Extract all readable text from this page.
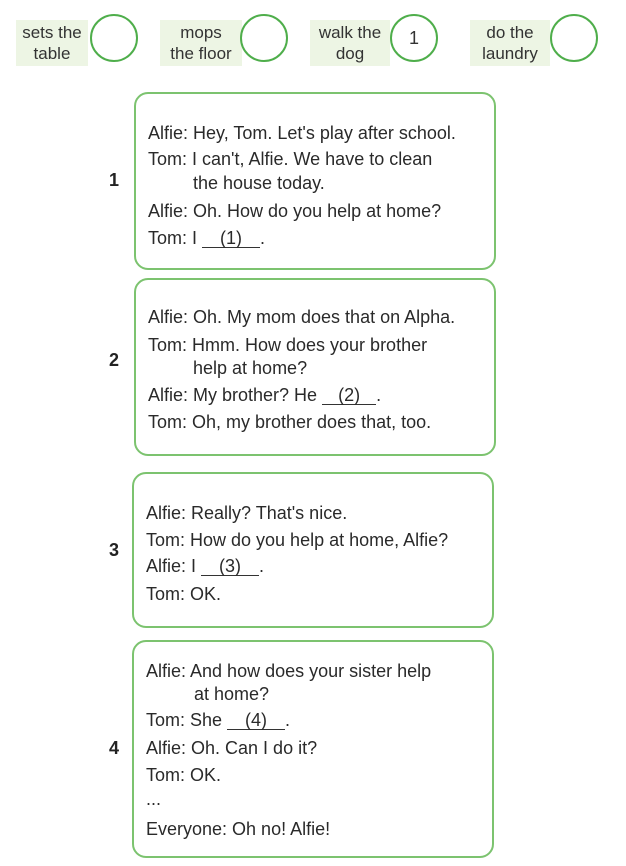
sets the
table
mops
the floor
walk the
dog
1	do the
laundry
1
Alfie: Hey, Tom. Let's play after school.
Tom: I can't, Alfie. We have to clean
the house today.
Alfie: Oh. How do you help at home?
Tom: I (1) .
2
Alfie: Oh. My mom does that on Alpha.
Tom: Hmm. How does your brother
help at home?
Alfie: My brother? He (2) .
Tom: Oh, my brother does that, too.
3
Alfie: Really? That's nice.
Tom: How do you help at home, Alfie?
Alfie: I (3) .
Tom: OK.
4
Alfie: And how does your sister help
at home?
Tom: She (4) .
Alfie: Oh. Can I do it?
Tom: OK.
...
Everyone: Oh no! Alfie!
